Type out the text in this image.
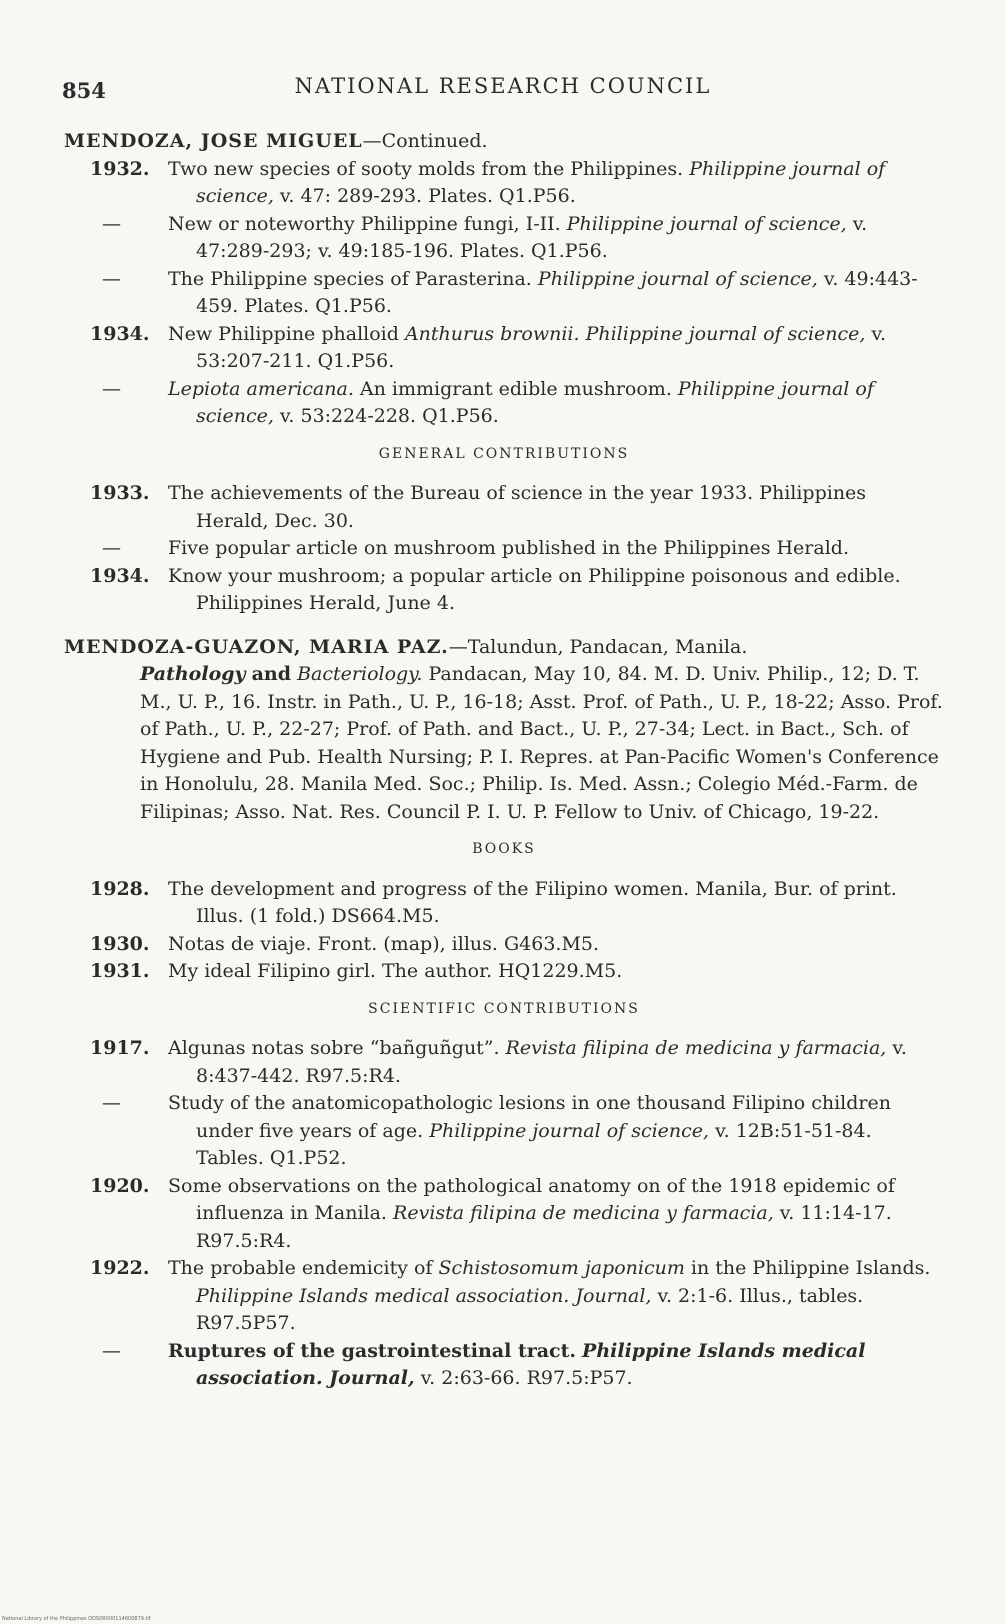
854	NATIONAL RESEARCH COUNCIL
MENDOZA, JOSE MIGUEL—Continued.

1932. Two new species of sooty molds from the Philippines. Philippine journal of science, v. 47: 289-293. Plates. Q1.P56.

—	New or noteworthy Philippine fungi, I-II. Philippine journal of science, v. 47:289-293; v. 49:185-196. Plates. Q1.P56.

—	The Philippine species of Parasterina. Philippine journal of science, v. 49:443-459. Plates. Q1.P56.

1934. New Philippine phalloid Anthurus brownii. Philippine journal of science, v. 53:207-211. Q1.P56.

—	Lepiota americana. An immigrant edible mushroom. Philippine journal of science, v. 53:224-228. Q1.P56.

GENERAL CONTRIBUTIONS

1933. The achievements of the Bureau of science in the year 1933. Philippines Herald, Dec. 30.

—	Five popular article on mushroom published in the Philippines Herald.

1934. Know your mushroom; a popular article on Philippine poisonous and edible. Philippines Herald, June 4.

MENDOZA-GUAZON, MARIA PAZ.—Talundun, Pandacan, Manila.
Pathology and Bacteriology. Pandacan, May 10, 84. M. D. Univ. Philip., 12; D. T. M., U. P., 16. Instr. in Path., U. P., 16-18; Asst. Prof. of Path., U. P., 18-22; Asso. Prof. of Path., U. P., 22-27; Prof. of Path. and Bact., U. P., 27-34; Lect. in Bact., Sch. of Hygiene and Pub. Health Nursing; P. I. Repres. at Pan-Pacific Women's Conference in Honolulu, 28. Manila Med. Soc.; Philip. Is. Med. Assn.; Colegio Méd.-Farm. de Filipinas; Asso. Nat. Res. Council P. I. U. P. Fellow to Univ. of Chicago, 19-22.
BOOKS

1928. The development and progress of the Filipino women. Manila, Bur. of print. Illus. (1 fold.) DS664.M5.

1930. Notas de viaje. Front. (map), illus. G463.M5.

1931. My ideal Filipino girl. The author. HQ1229.M5.

SCIENTIFIC CONTRIBUTIONS

1917. Algunas notas sobre “bañguñgut”. Revista filipina de medicina y farmacia, v. 8:437-442. R97.5:R4.

—	Study of the anatomicopathologic lesions in one thousand Filipino children under five years of age. Philippine journal of science, v. 12B:51-51-84. Tables. Q1.P52.

1920. Some observations on the pathological anatomy on of the 1918 epidemic of influenza in Manila. Revista filipina de medicina y farmacia, v. 11:14-17. R97.5:R4.

1922. The probable endemicity of Schistosomum japonicum in the Philippine Islands. Philippine Islands medical association. Journal, v. 2:1-6. Illus., tables. R97.5P57.

—	Ruptures of the gastrointestinal tract. Philippine Islands medical association. Journal, v. 2:63-66. R97.5:P57.

National Library of the Philippines DDS0R000114600879.tif
